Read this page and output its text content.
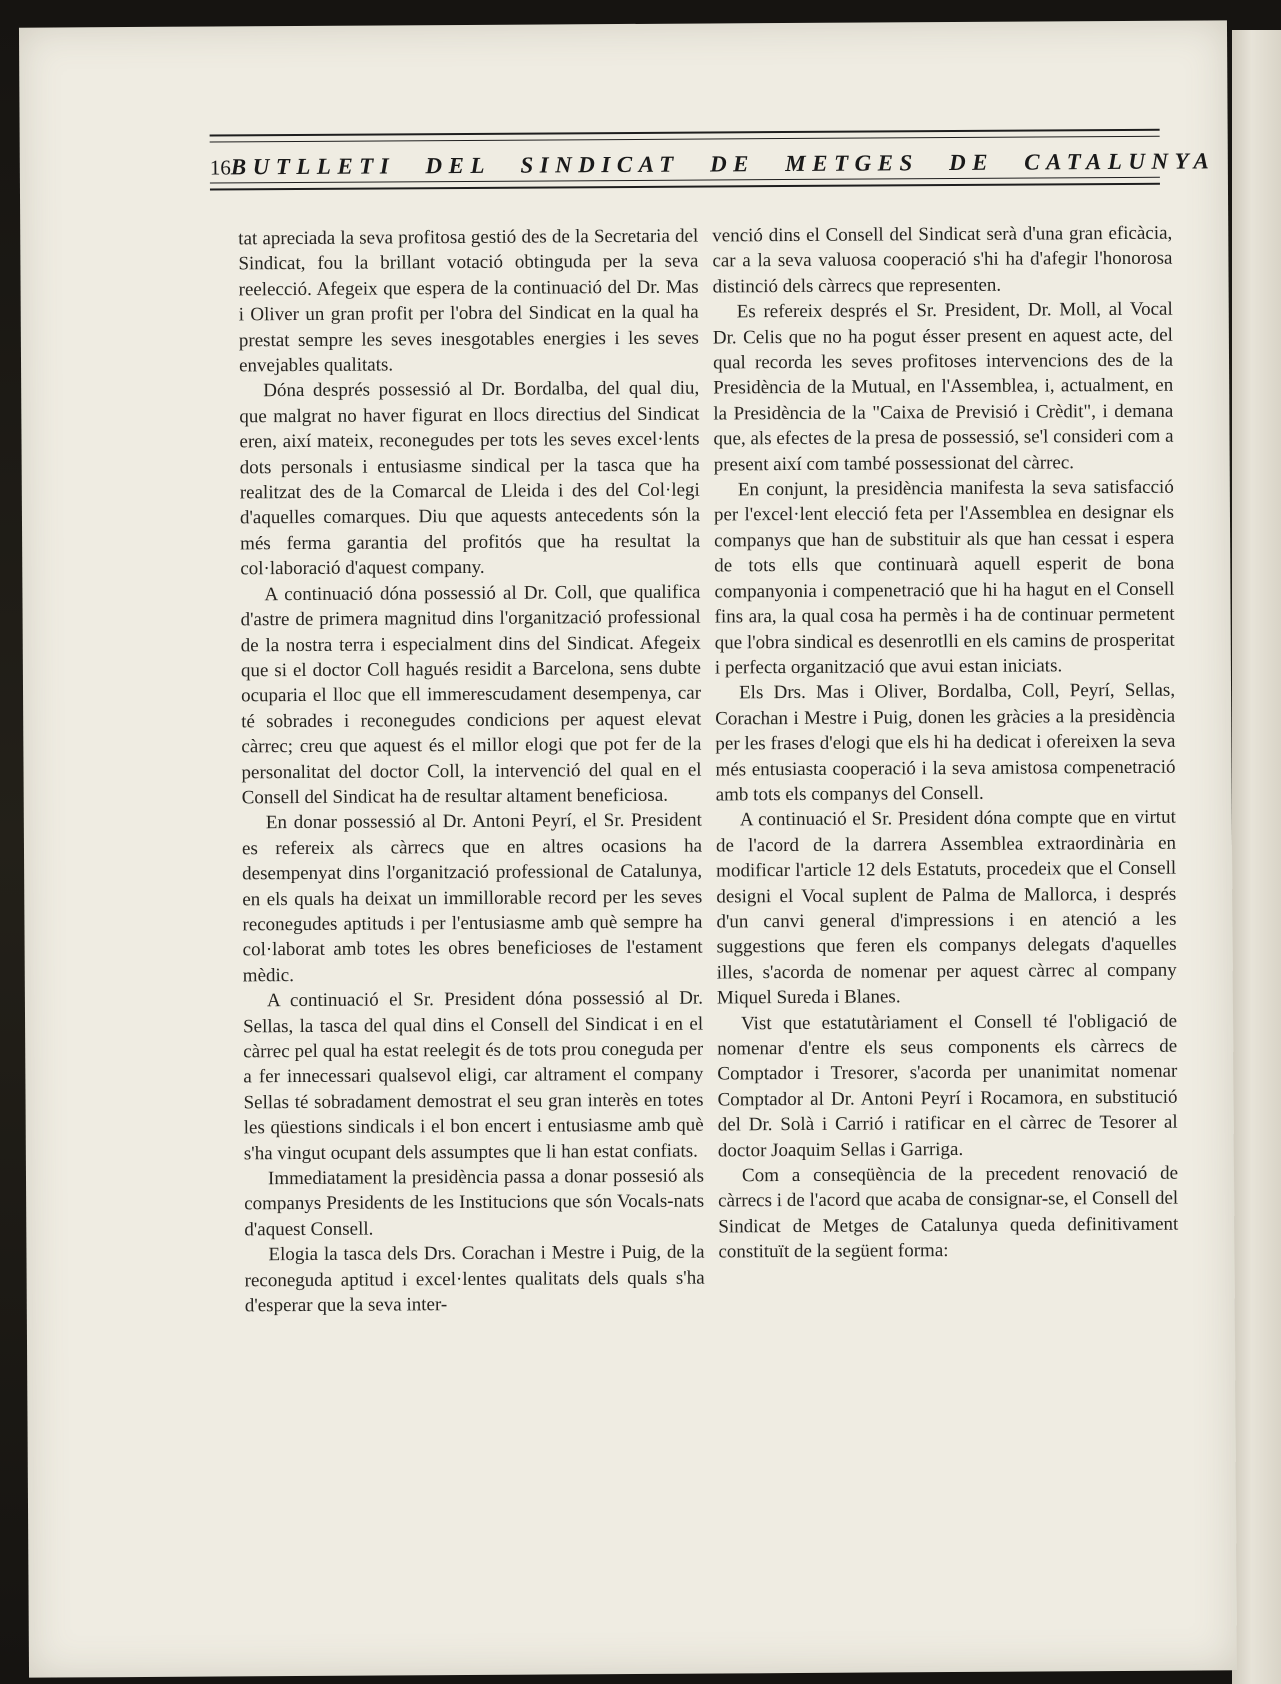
16 BUTLLETI DEL SINDICAT DE METGES DE CATALUNYA

tat apreciada la seva profitosa gestió des de la Secretaria del Sindicat, fou la brillant votació obtinguda per la seva reelecció. Afegeix que espera de la continuació del Dr. Mas i Oliver un gran profit per l'obra del Sindicat en la qual ha prestat sempre les seves inesgotables energies i les seves envejables qualitats.

Dóna després possessió al Dr. Bordalba, del qual diu, que malgrat no haver figurat en llocs directius del Sindicat eren, així mateix, reconegudes per tots les seves excel·lents dots personals i entusiasme sindical per la tasca que ha realitzat des de la Comarcal de Lleida i des del Col·legi d'aquelles comarques. Diu que aquests antecedents són la més ferma garantia del profitós que ha resultat la col·laboració d'aquest company.

A continuació dóna possessió al Dr. Coll, que qualifica d'astre de primera magnitud dins l'organització professional de la nostra terra i especialment dins del Sindicat. Afegeix que si el doctor Coll hagués residit a Barcelona, sens dubte ocuparia el lloc que ell immerescudament desempenya, car té sobrades i reconegudes condicions per aquest elevat càrrec; creu que aquest és el millor elogi que pot fer de la personalitat del doctor Coll, la intervenció del qual en el Consell del Sindicat ha de resultar altament beneficiosa.

En donar possessió al Dr. Antoni Peyrí, el Sr. President es refereix als càrrecs que en altres ocasions ha desempenyat dins l'organització professional de Catalunya, en els quals ha deixat un immillorable record per les seves reconegudes aptituds i per l'entusiasme amb què sempre ha col·laborat amb totes les obres beneficioses de l'estament mèdic.

A continuació el Sr. President dóna possessió al Dr. Sellas, la tasca del qual dins el Consell del Sindicat i en el càrrec pel qual ha estat reelegit és de tots prou coneguda per a fer innecessari qualsevol eligi, car altrament el company Sellas té sobradament demostrat el seu gran interès en totes les qüestions sindicals i el bon encert i entusiasme amb què s'ha vingut ocupant dels assumptes que li han estat confiats.

Immediatament la presidència passa a donar possesió als companys Presidents de les Institucions que són Vocals-nats d'aquest Consell.

Elogia la tasca dels Drs. Corachan i Mestre i Puig, de la reconeguda aptitud i excel·lentes qualitats dels quals s'ha d'esperar que la seva inter-

venció dins el Consell del Sindicat serà d'una gran eficàcia, car a la seva valuosa cooperació s'hi ha d'afegir l'honorosa distinció dels càrrecs que representen.

Es refereix després el Sr. President, Dr. Moll, al Vocal Dr. Celis que no ha pogut ésser present en aquest acte, del qual recorda les seves profitoses intervencions des de la Presidència de la Mutual, en l'Assemblea, i, actualment, en la Presidència de la "Caixa de Previsió i Crèdit", i demana que, als efectes de la presa de possessió, se'l consideri com a present així com també possessionat del càrrec.

En conjunt, la presidència manifesta la seva satisfacció per l'excel·lent elecció feta per l'Assemblea en designar els companys que han de substituir als que han cessat i espera de tots ells que continuarà aquell esperit de bona companyonia i compenetració que hi ha hagut en el Consell fins ara, la qual cosa ha permès i ha de continuar permetent que l'obra sindical es desenrotlli en els camins de prosperitat i perfecta organització que avui estan iniciats.

Els Drs. Mas i Oliver, Bordalba, Coll, Peyrí, Sellas, Corachan i Mestre i Puig, donen les gràcies a la presidència per les frases d'elogi que els hi ha dedicat i ofereixen la seva més entusiasta cooperació i la seva amistosa compenetració amb tots els companys del Consell.

A continuació el Sr. President dóna compte que en virtut de l'acord de la darrera Assemblea extraordinària en modificar l'article 12 dels Estatuts, procedeix que el Consell designi el Vocal suplent de Palma de Mallorca, i després d'un canvi general d'impressions i en atenció a les suggestions que feren els companys delegats d'aquelles illes, s'acorda de nomenar per aquest càrrec al company Miquel Sureda i Blanes.

Vist que estatutàriament el Consell té l'obligació de nomenar d'entre els seus components els càrrecs de Comptador i Tresorer, s'acorda per unanimitat nomenar Comptador al Dr. Antoni Peyrí i Rocamora, en substitució del Dr. Solà i Carrió i ratificar en el càrrec de Tesorer al doctor Joaquim Sellas i Garriga.

Com a conseqüència de la precedent renovació de càrrecs i de l'acord que acaba de consignar-se, el Consell del Sindicat de Metges de Catalunya queda definitivament constituït de la següent forma:
